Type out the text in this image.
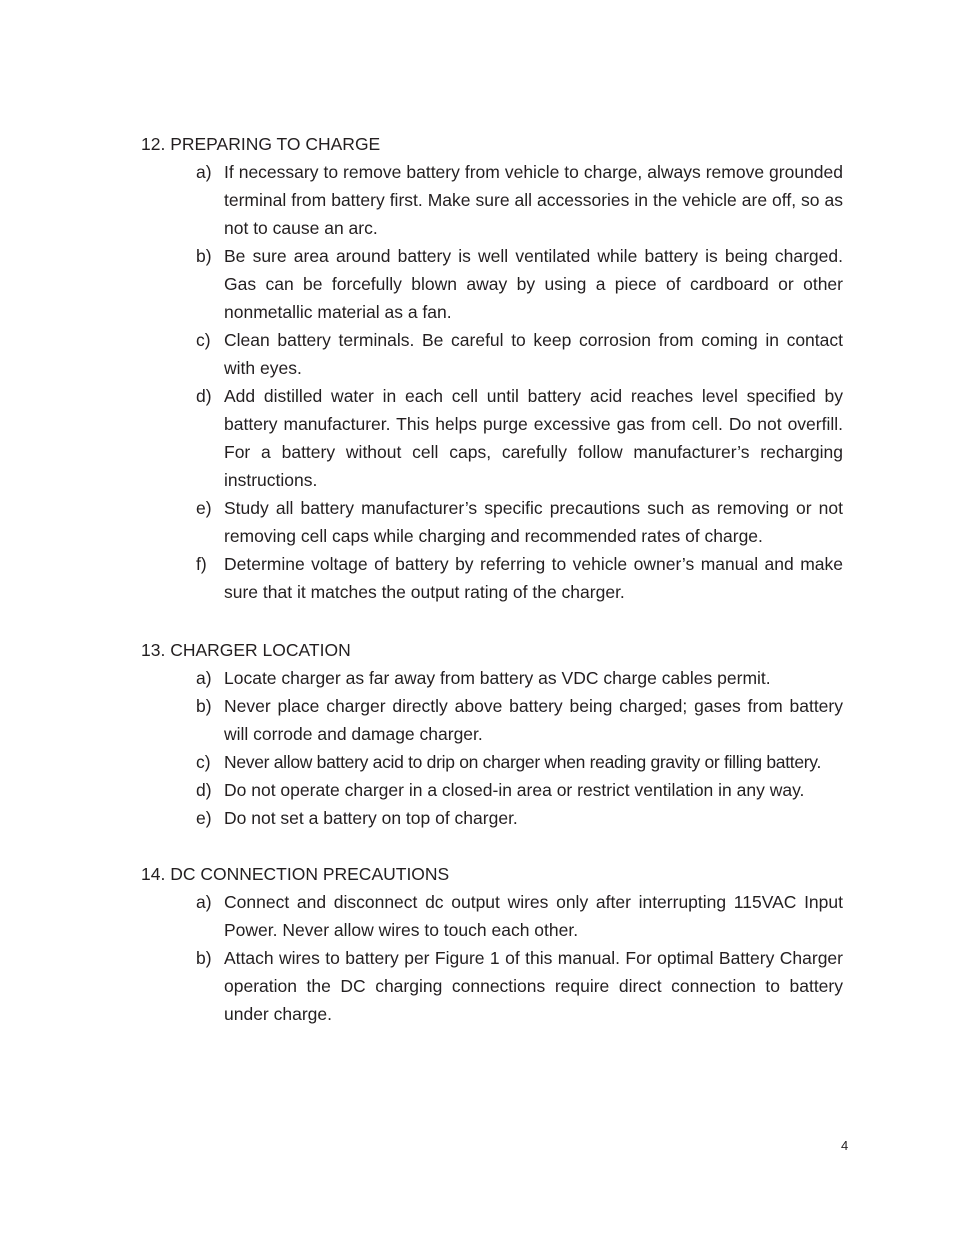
12. PREPARING TO CHARGE
a) If necessary to remove battery from vehicle to charge, always remove grounded terminal from battery first. Make sure all accessories in the vehicle are off, so as not to cause an arc.
b) Be sure area around battery is well ventilated while battery is being charged. Gas can be forcefully blown away by using a piece of cardboard or other nonmetallic material as a fan.
c) Clean battery terminals. Be careful to keep corrosion from coming in contact with eyes.
d) Add distilled water in each cell until battery acid reaches level specified by battery manufacturer. This helps purge excessive gas from cell. Do not overfill. For a battery without cell caps, carefully follow manufacturer’s recharging instructions.
e) Study all battery manufacturer’s specific precautions such as removing or not removing cell caps while charging and recommended rates of charge.
f) Determine voltage of battery by referring to vehicle owner’s manual and make sure that it matches the output rating of the charger.
13. CHARGER LOCATION
a) Locate charger as far away from battery as VDC charge cables permit.
b) Never place charger directly above battery being charged; gases from battery will corrode and damage charger.
c) Never allow battery acid to drip on charger when reading gravity or filling battery.
d) Do not operate charger in a closed-in area or restrict ventilation in any way.
e) Do not set a battery on top of charger.
14. DC CONNECTION PRECAUTIONS
a) Connect and disconnect dc output wires only after interrupting 115VAC Input Power. Never allow wires to touch each other.
b) Attach wires to battery per Figure 1 of this manual. For optimal Battery Charger operation the DC charging connections require direct connection to battery under charge.
4
